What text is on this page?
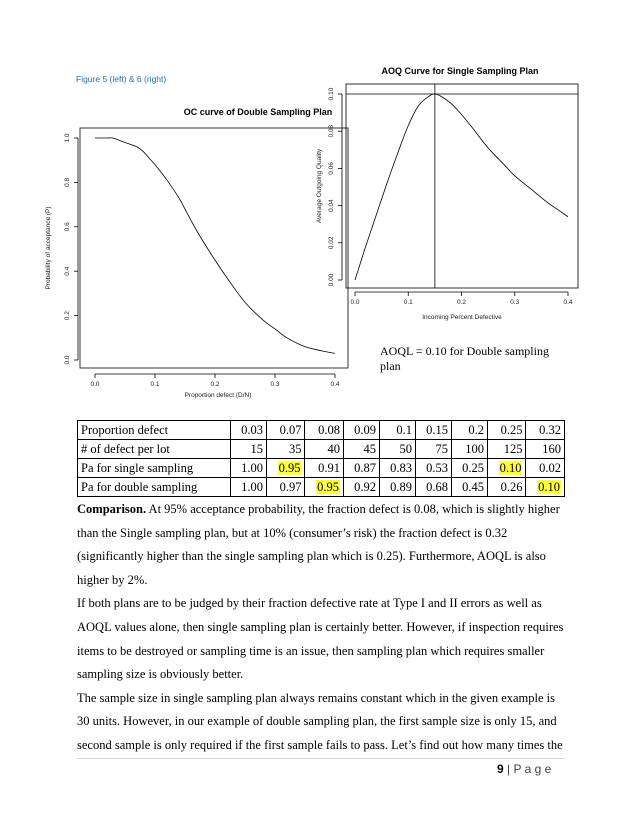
Figure 5 (left) & 6 (right)
OC curve of Double Sampling Plan
0.0
0.2
0.4
0.6
0.8
1.0
0.0	0.1	0.2	0.3	0.4
Proportion defect (D/N)
Probability of acceptance (P)
AOQ Curve for Single Sampling Plan
0.00
0.02
0.04
0.06
0.08
0.10
0.0	0.1	0.2	0.3	0.4
Incoming Percent Defective
Average Outgoing Quality
AOQL = 0.10 for Double sampling plan
Proportion defect	0.03	0.07	0.08	0.09	0.1	0.15	0.2	0.25	0.32
# of defect per lot	15	35	40	45	50	75	100	125	160
Pa for single sampling	1.00	0.95	0.91	0.87	0.83	0.53	0.25	0.10	0.02
Pa for double sampling	1.00	0.97	0.95	0.92	0.89	0.68	0.45	0.26	0.10

Comparison. At 95% acceptance probability, the fraction defect is 0.08, which is slightly higher than the Single sampling plan, but at 10% (consumer’s risk) the fraction defect is 0.32 (significantly higher than the single sampling plan which is 0.25). Furthermore, AOQL is also higher by 2%.

If both plans are to be judged by their fraction defective rate at Type I and II errors as well as AOQL values alone, then single sampling plan is certainly better. However, if inspection requires items to be destroyed or sampling time is an issue, then sampling plan which requires smaller sampling size is obviously better.

The sample size in single sampling plan always remains constant which in the given example is 30 units. However, in our example of double sampling plan, the first sample size is only 15, and second sample is only required if the first sample fails to pass. Let’s find out how many times the

9 | P a g e
